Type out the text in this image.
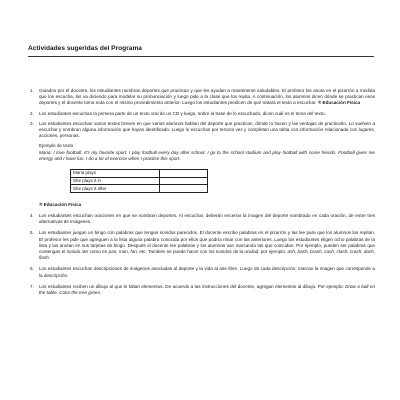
Actividades sugeridas del Programa
1. Guiados por el docente, los estudiantes nombran deportes que practican y que les ayudan a mantenerse saludables. El profesor los anota en el pizarrón a medida que los escucha, los va diciendo para modelar su pronunciación y luego pide a la clase que los repita. A continuación, los alumnos dicen dónde se practican esos deportes y el docente toma nota con el mismo procedimiento anterior. Luego los estudiantes predicen de qué tratará el texto a escuchar. ® Educación Física
2. Los estudiantes escuchan la primera parte de un texto oral de un CD y luego, sobre la base de lo escuchado, dicen cuál es el tema del texto.
3. Los estudiantes escuchan varios textos breves en que varios alumnos hablan del deporte que practican, dónde lo hacen y las ventajas de practicarlo. Lo vuelven a escuchar y nombran alguna información que hayan identificado. Luego lo escuchan por tercera vez y completan una tabla con información relacionada con lugares, acciones, personas.
Ejemplo de texto
Maria: I love football. It's my favorite sport. I play football every day after school. I go to the school stadium and play football with some friends. Football gives me energy and I have fun. I do a lot of exercise when I practise this sport.
Maria plays	
She plays it in	
She plays it after	
® Educación Física
4. Los estudiantes escuchan oraciones en que se nombran deportes. Al escuchar, deberán encerrar la imagen del deporte nombrado en cada oración, de entre tres alternativas de imágenes.
5. Los estudiantes juegan un bingo con palabras que tengan sonidos parecidos. El docente escribe palabras en el pizarrón y las lee para que los alumnos las repitan. El profesor les pide que agreguen a la lista alguna palabra conocida por ellos que podría rimar con las anteriores. Luego los estudiantes eligen ocho palabras de la lista y las anotan en sus tarjetas de bingo. Después el docente lee palabras y los alumnos van marcando las que coincidan. Por ejemplo, pueden ser palabras que contengan el sonido /æ/ como en pan, man, fan, etc. También se puede hacer con los sonidos de la unidad; por ejemplo: ash, bash, brash, cash, clash, crash, dash, flash.
6. Los estudiantes escuchan descripciones de imágenes asociadas al deporte y la vida al aire libre. Luego de cada descripción, marcan la imagen que corresponde a la descripción.
7. Los estudiantes reciben un dibujo al que le faltan elementos. De acuerdo a las instrucciones del docente, agregan elementos al dibujo. Por ejemplo: Draw a ball on the table. Color the tree green.
